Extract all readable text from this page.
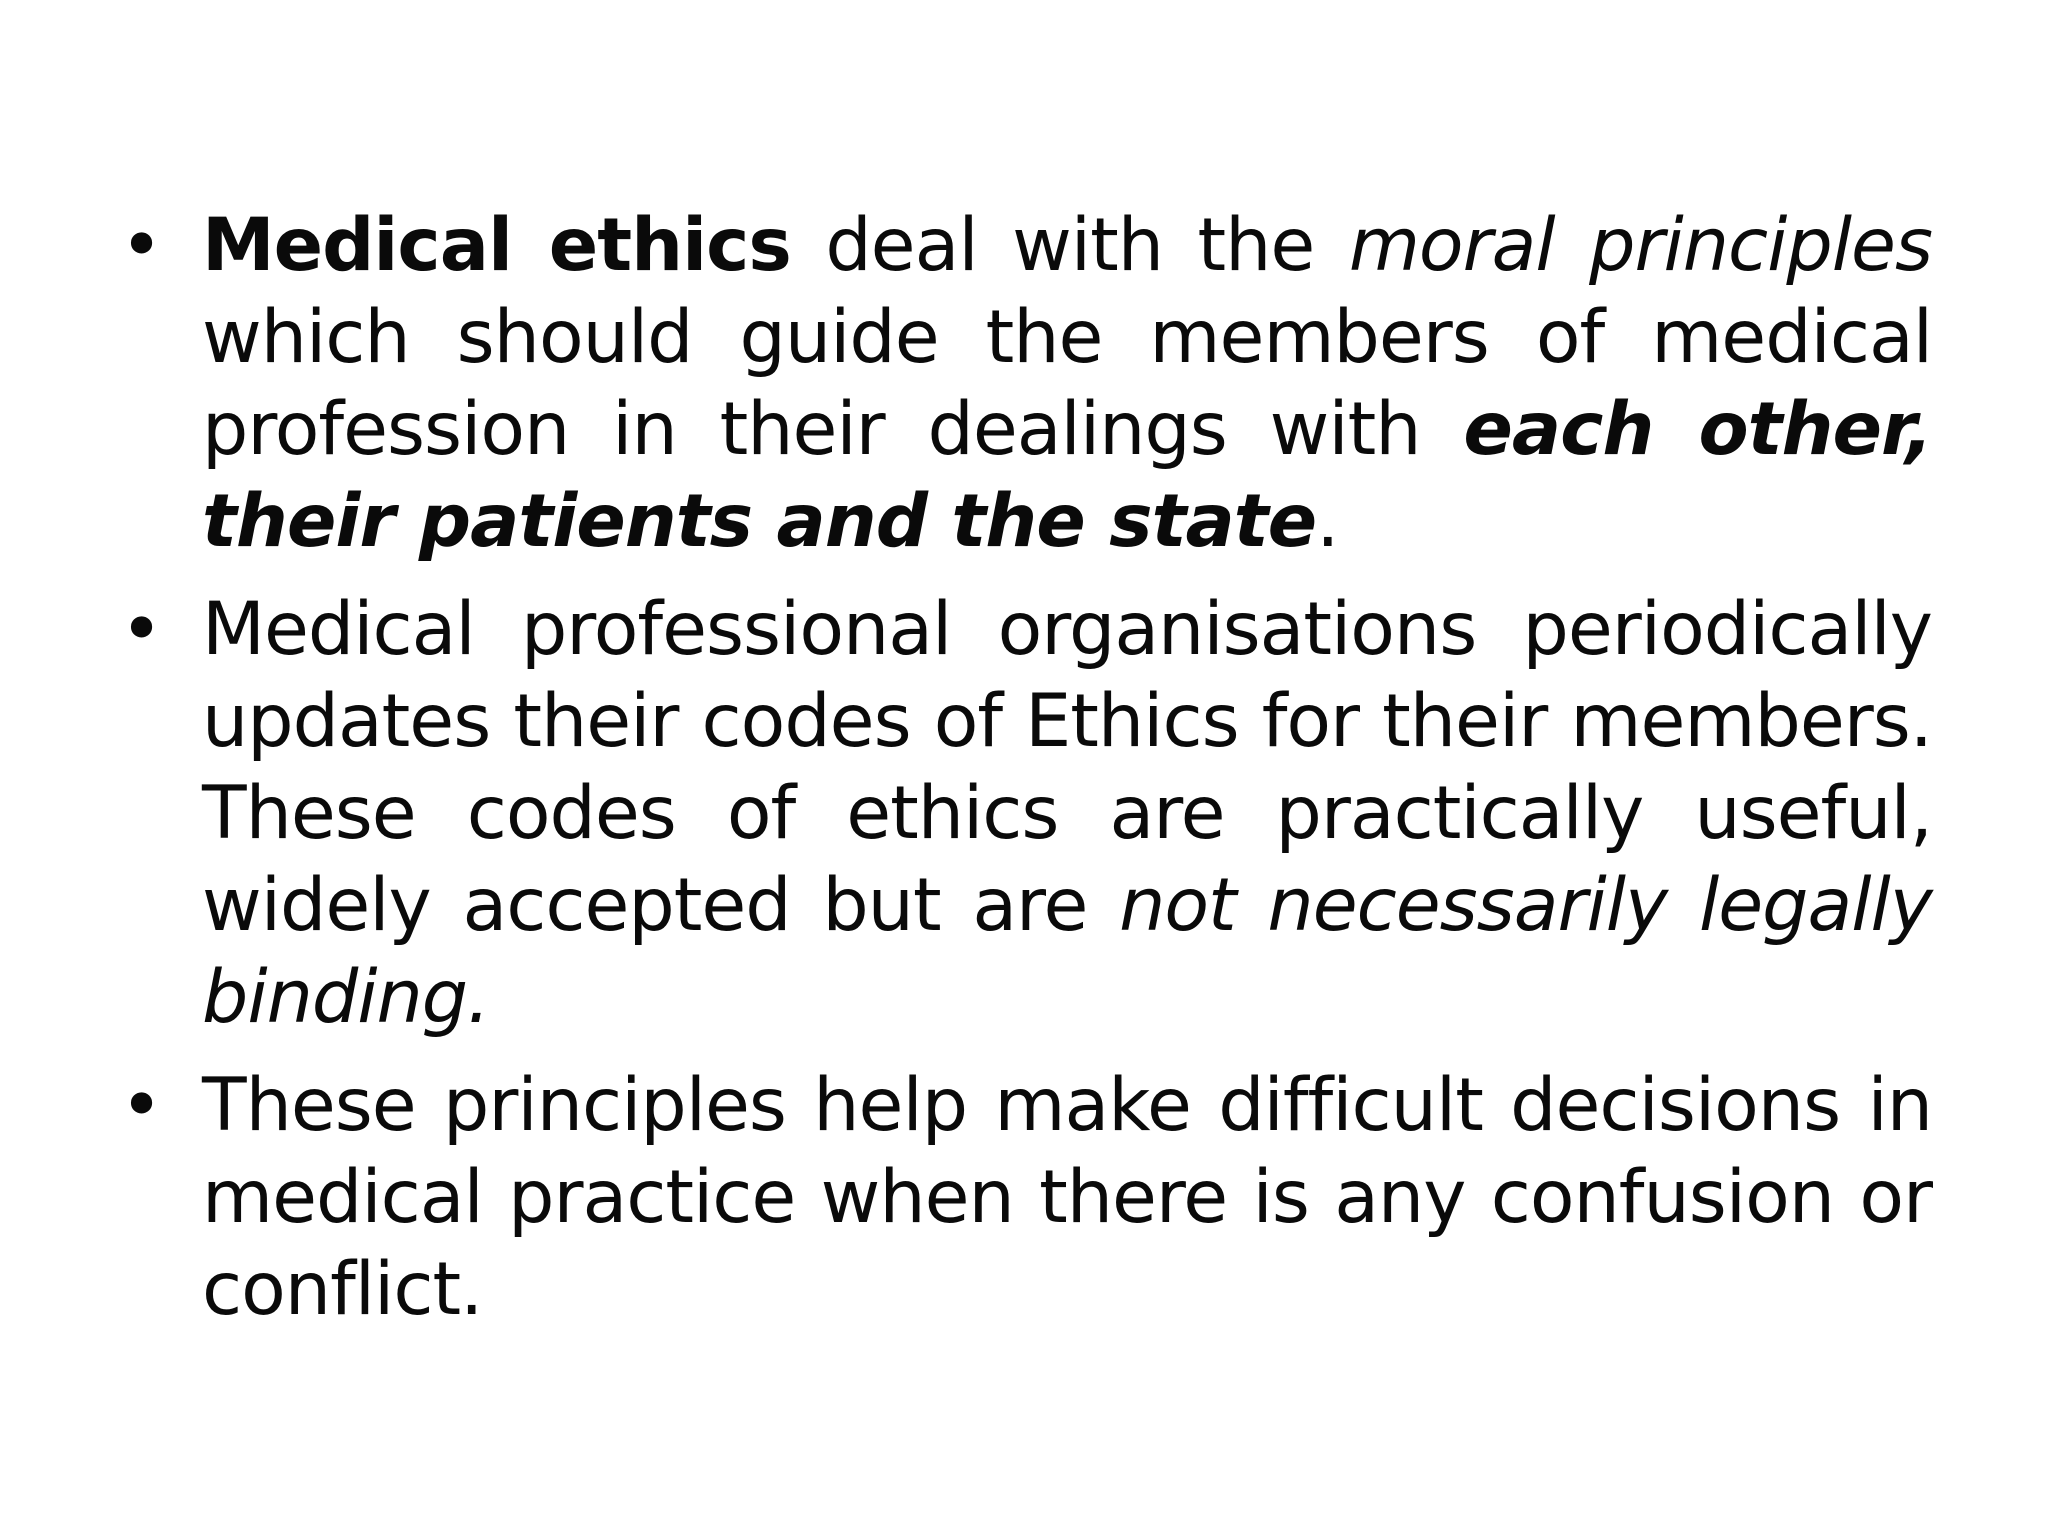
• Medical ethics deal with the moral principles which should guide the members of medical profession in their dealings with each other, their patients and the state.
• Medical professional organisations periodically updates their codes of Ethics for their members. These codes of ethics are practically useful, widely accepted but are not necessarily legally binding.
• These principles help make difficult decisions in medical practice when there is any confusion or conflict.
